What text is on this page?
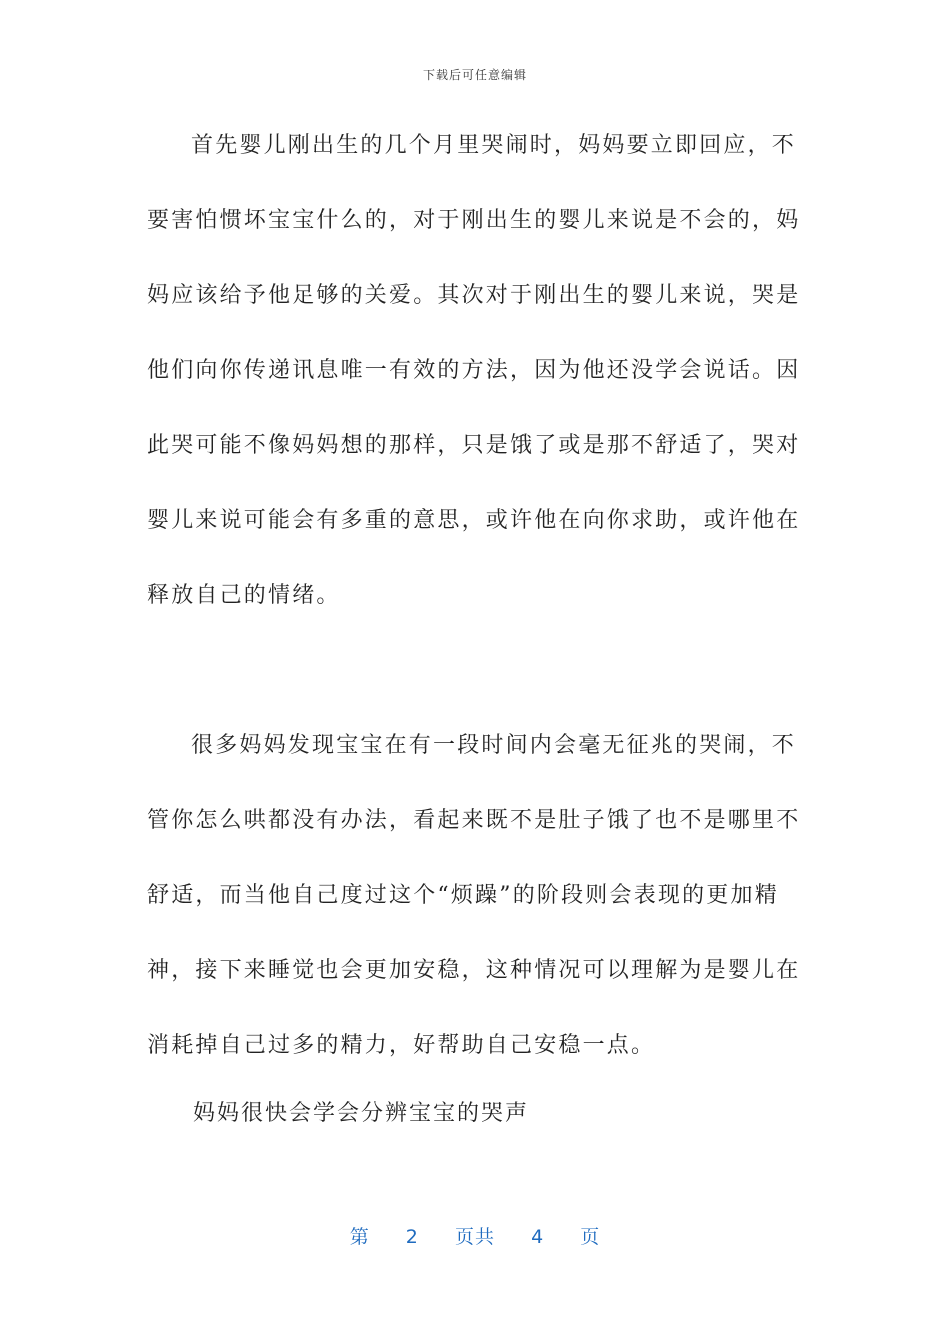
下载后可任意编辑
首先婴儿刚出生的几个月里哭闹时，妈妈要立即回应，不
要害怕惯坏宝宝什么的，对于刚出生的婴儿来说是不会的，妈
妈应该给予他足够的关爱。其次对于刚出生的婴儿来说，哭是
他们向你传递讯息唯一有效的方法，因为他还没学会说话。因
此哭可能不像妈妈想的那样，只是饿了或是那不舒适了，哭对
婴儿来说可能会有多重的意思，或许他在向你求助，或许他在
释放自己的情绪。
很多妈妈发现宝宝在有一段时间内会毫无征兆的哭闹，不
管你怎么哄都没有办法，看起来既不是肚子饿了也不是哪里不
舒适，而当他自己度过这个“烦躁”的阶段则会表现的更加精
神，接下来睡觉也会更加安稳，这种情况可以理解为是婴儿在
消耗掉自己过多的精力，好帮助自己安稳一点。

妈妈很快会学会分辨宝宝的哭声

第 2 页共 4 页
